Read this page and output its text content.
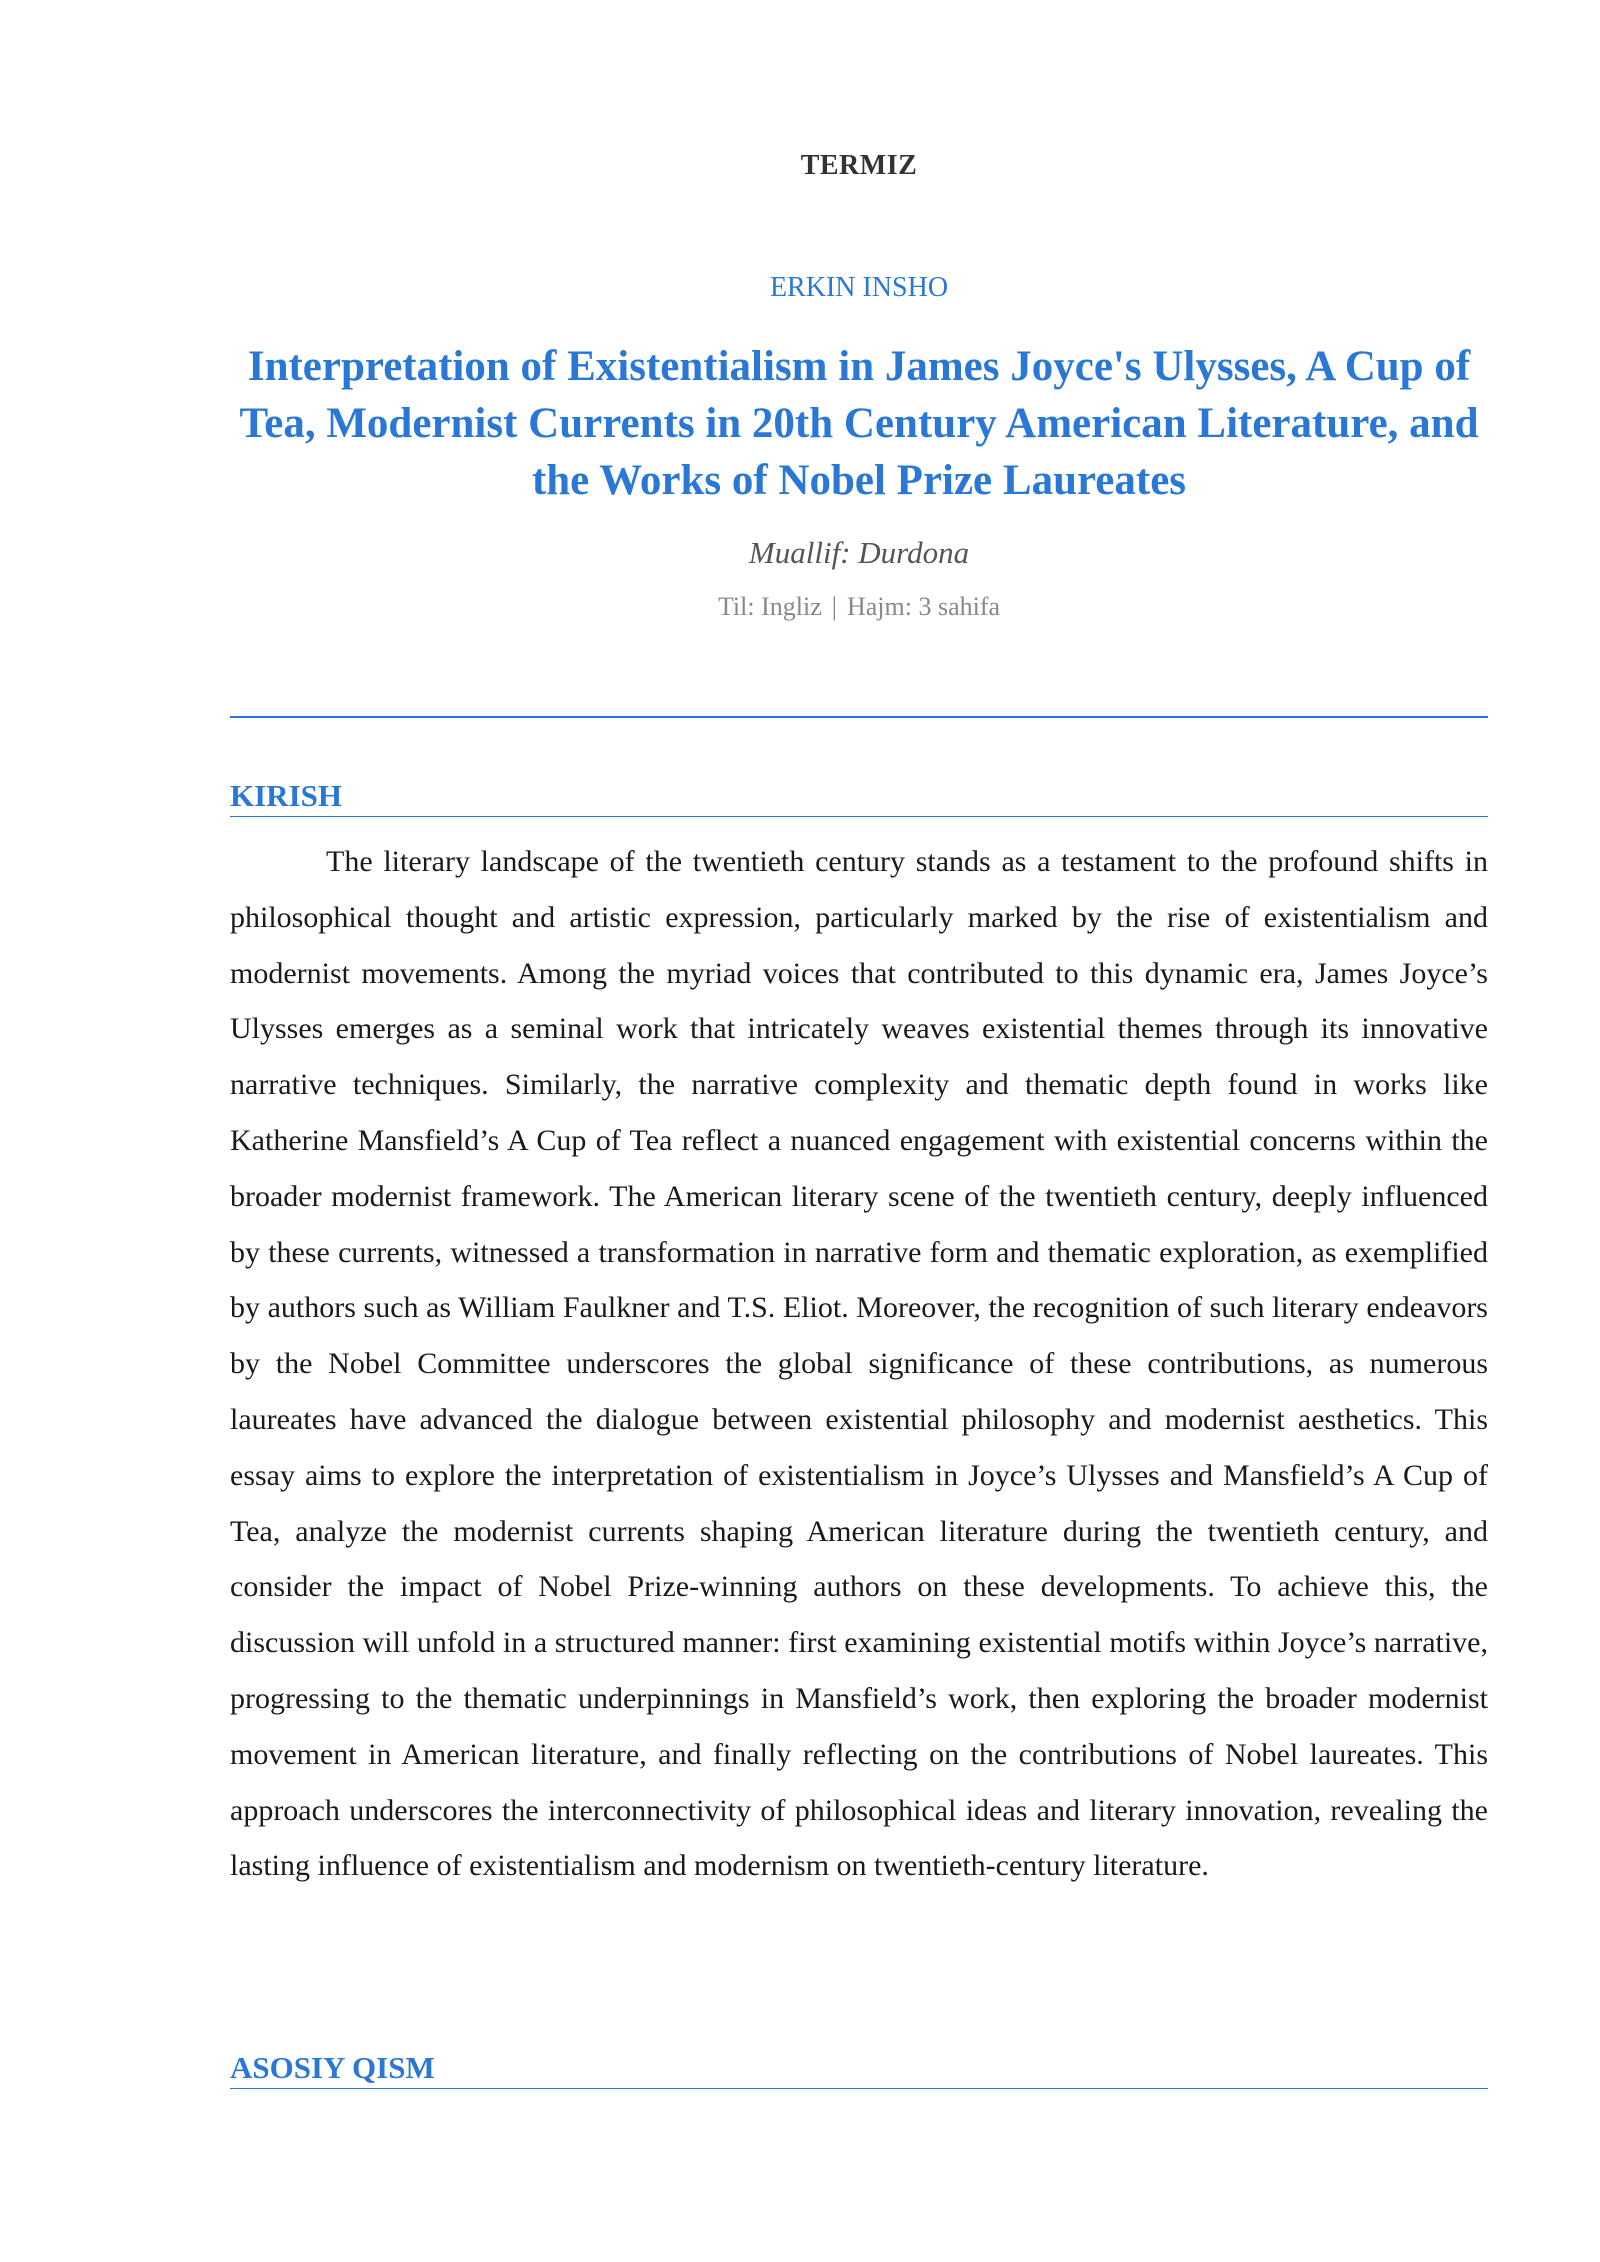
TERMIZ
ERKIN INSHO
Interpretation of Existentialism in James Joyce's Ulysses, A Cup of Tea, Modernist Currents in 20th Century American Literature, and the Works of Nobel Prize Laureates
Muallif: Durdona
Til: Ingliz | Hajm: 3 sahifa
KIRISH

The literary landscape of the twentieth century stands as a testament to the profound shifts in philosophical thought and artistic expression, particularly marked by the rise of existentialism and modernist movements. Among the myriad voices that contributed to this dynamic era, James Joyce’s Ulysses emerges as a seminal work that intricately weaves existential themes through its innovative narrative techniques. Similarly, the narrative complexity and thematic depth found in works like Katherine Mansfield’s A Cup of Tea reflect a nuanced engagement with existential concerns within the broader modernist framework. The American literary scene of the twentieth century, deeply influenced by these currents, witnessed a transformation in narrative form and thematic exploration, as exemplified by authors such as William Faulkner and T.S. Eliot. Moreover, the recognition of such literary endeavors by the Nobel Committee underscores the global significance of these contributions, as numerous laureates have advanced the dialogue between existential philosophy and modernist aesthetics. This essay aims to explore the interpretation of existentialism in Joyce’s Ulysses and Mansfield’s A Cup of Tea, analyze the modernist currents shaping American literature during the twentieth century, and consider the impact of Nobel Prize-winning authors on these developments. To achieve this, the discussion will unfold in a structured manner: first examining existential motifs within Joyce’s narrative, progressing to the thematic underpinnings in Mansfield’s work, then exploring the broader modernist movement in American literature, and finally reflecting on the contributions of Nobel laureates. This approach underscores the interconnectivity of philosophical ideas and literary innovation, revealing the lasting influence of existentialism and modernism on twentieth-century literature.

ASOSIY QISM
